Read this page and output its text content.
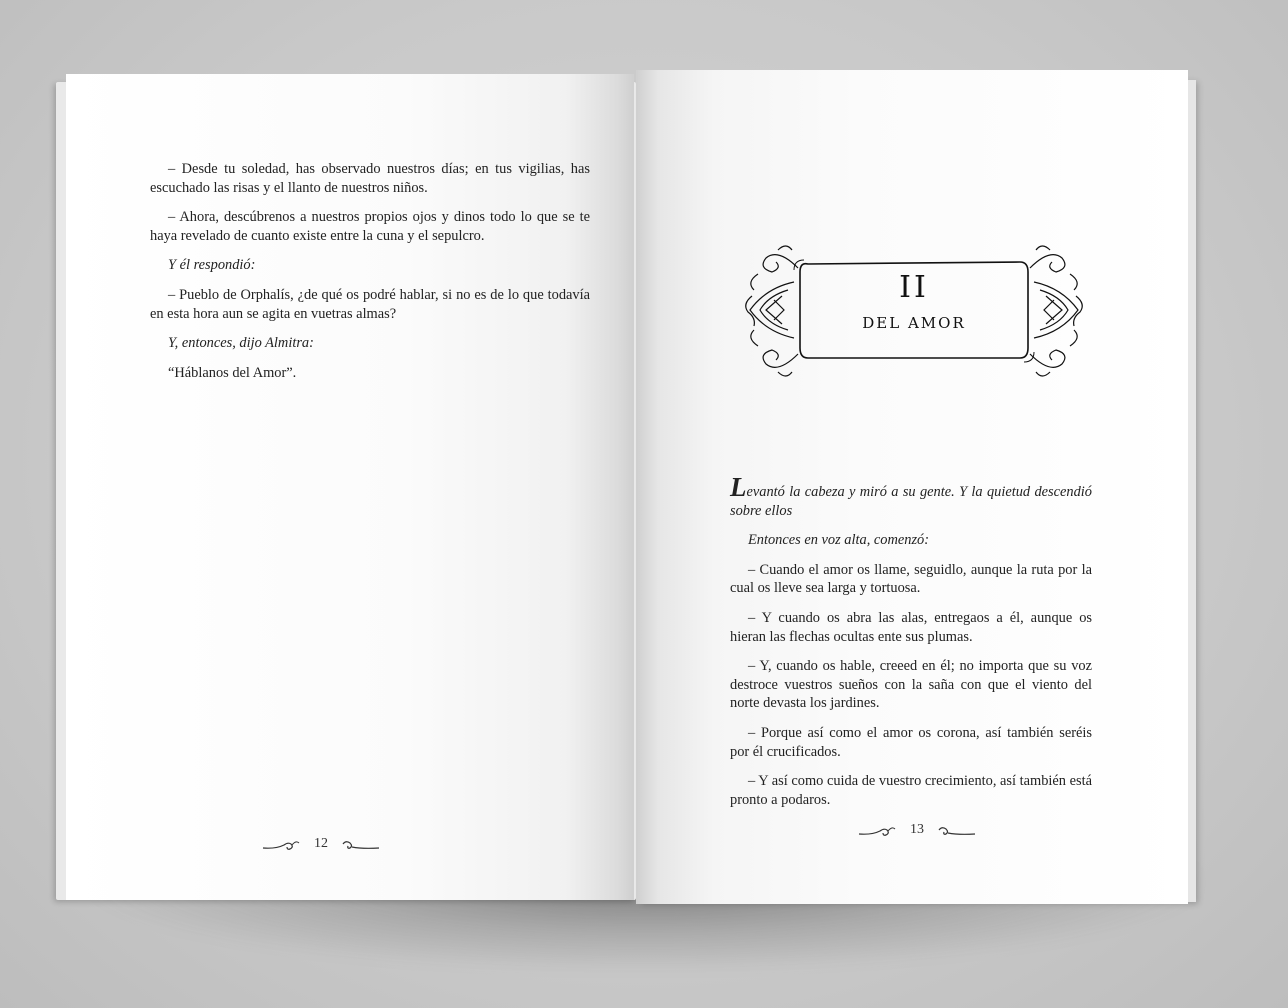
– Desde tu soledad, has observado nuestros días; en tus vigilias, has escuchado las risas y el llanto de nuestros niños.

– Ahora, descúbrenos a nuestros propios ojos y dinos todo lo que se te haya revelado de cuanto existe entre la cuna y el sepulcro.

Y él respondió:

– Pueblo de Orphalís, ¿de qué os podré hablar, si no es de lo que todavía en esta hora aun se agita en vuetras almas?

Y, entonces, dijo Almitra:

“Háblanos del Amor”.

12
II
DEL AMOR

Levantó la cabeza y miró a su gente. Y la quietud descendió sobre ellos

Entonces en voz alta, comenzó:

– Cuando el amor os llame, seguidlo, aunque la ruta por la cual os lleve sea larga y tortuosa.

– Y cuando os abra las alas, entregaos a él, aunque os hieran las flechas ocultas ente sus plumas.

– Y, cuando os hable, creeed en él; no importa que su voz destroce vuestros sueños con la saña con que el viento del norte devasta los jardines.

– Porque así como el amor os corona, así también seréis por él crucificados.

– Y así como cuida de vuestro crecimiento, así también está pronto a podaros.

13
